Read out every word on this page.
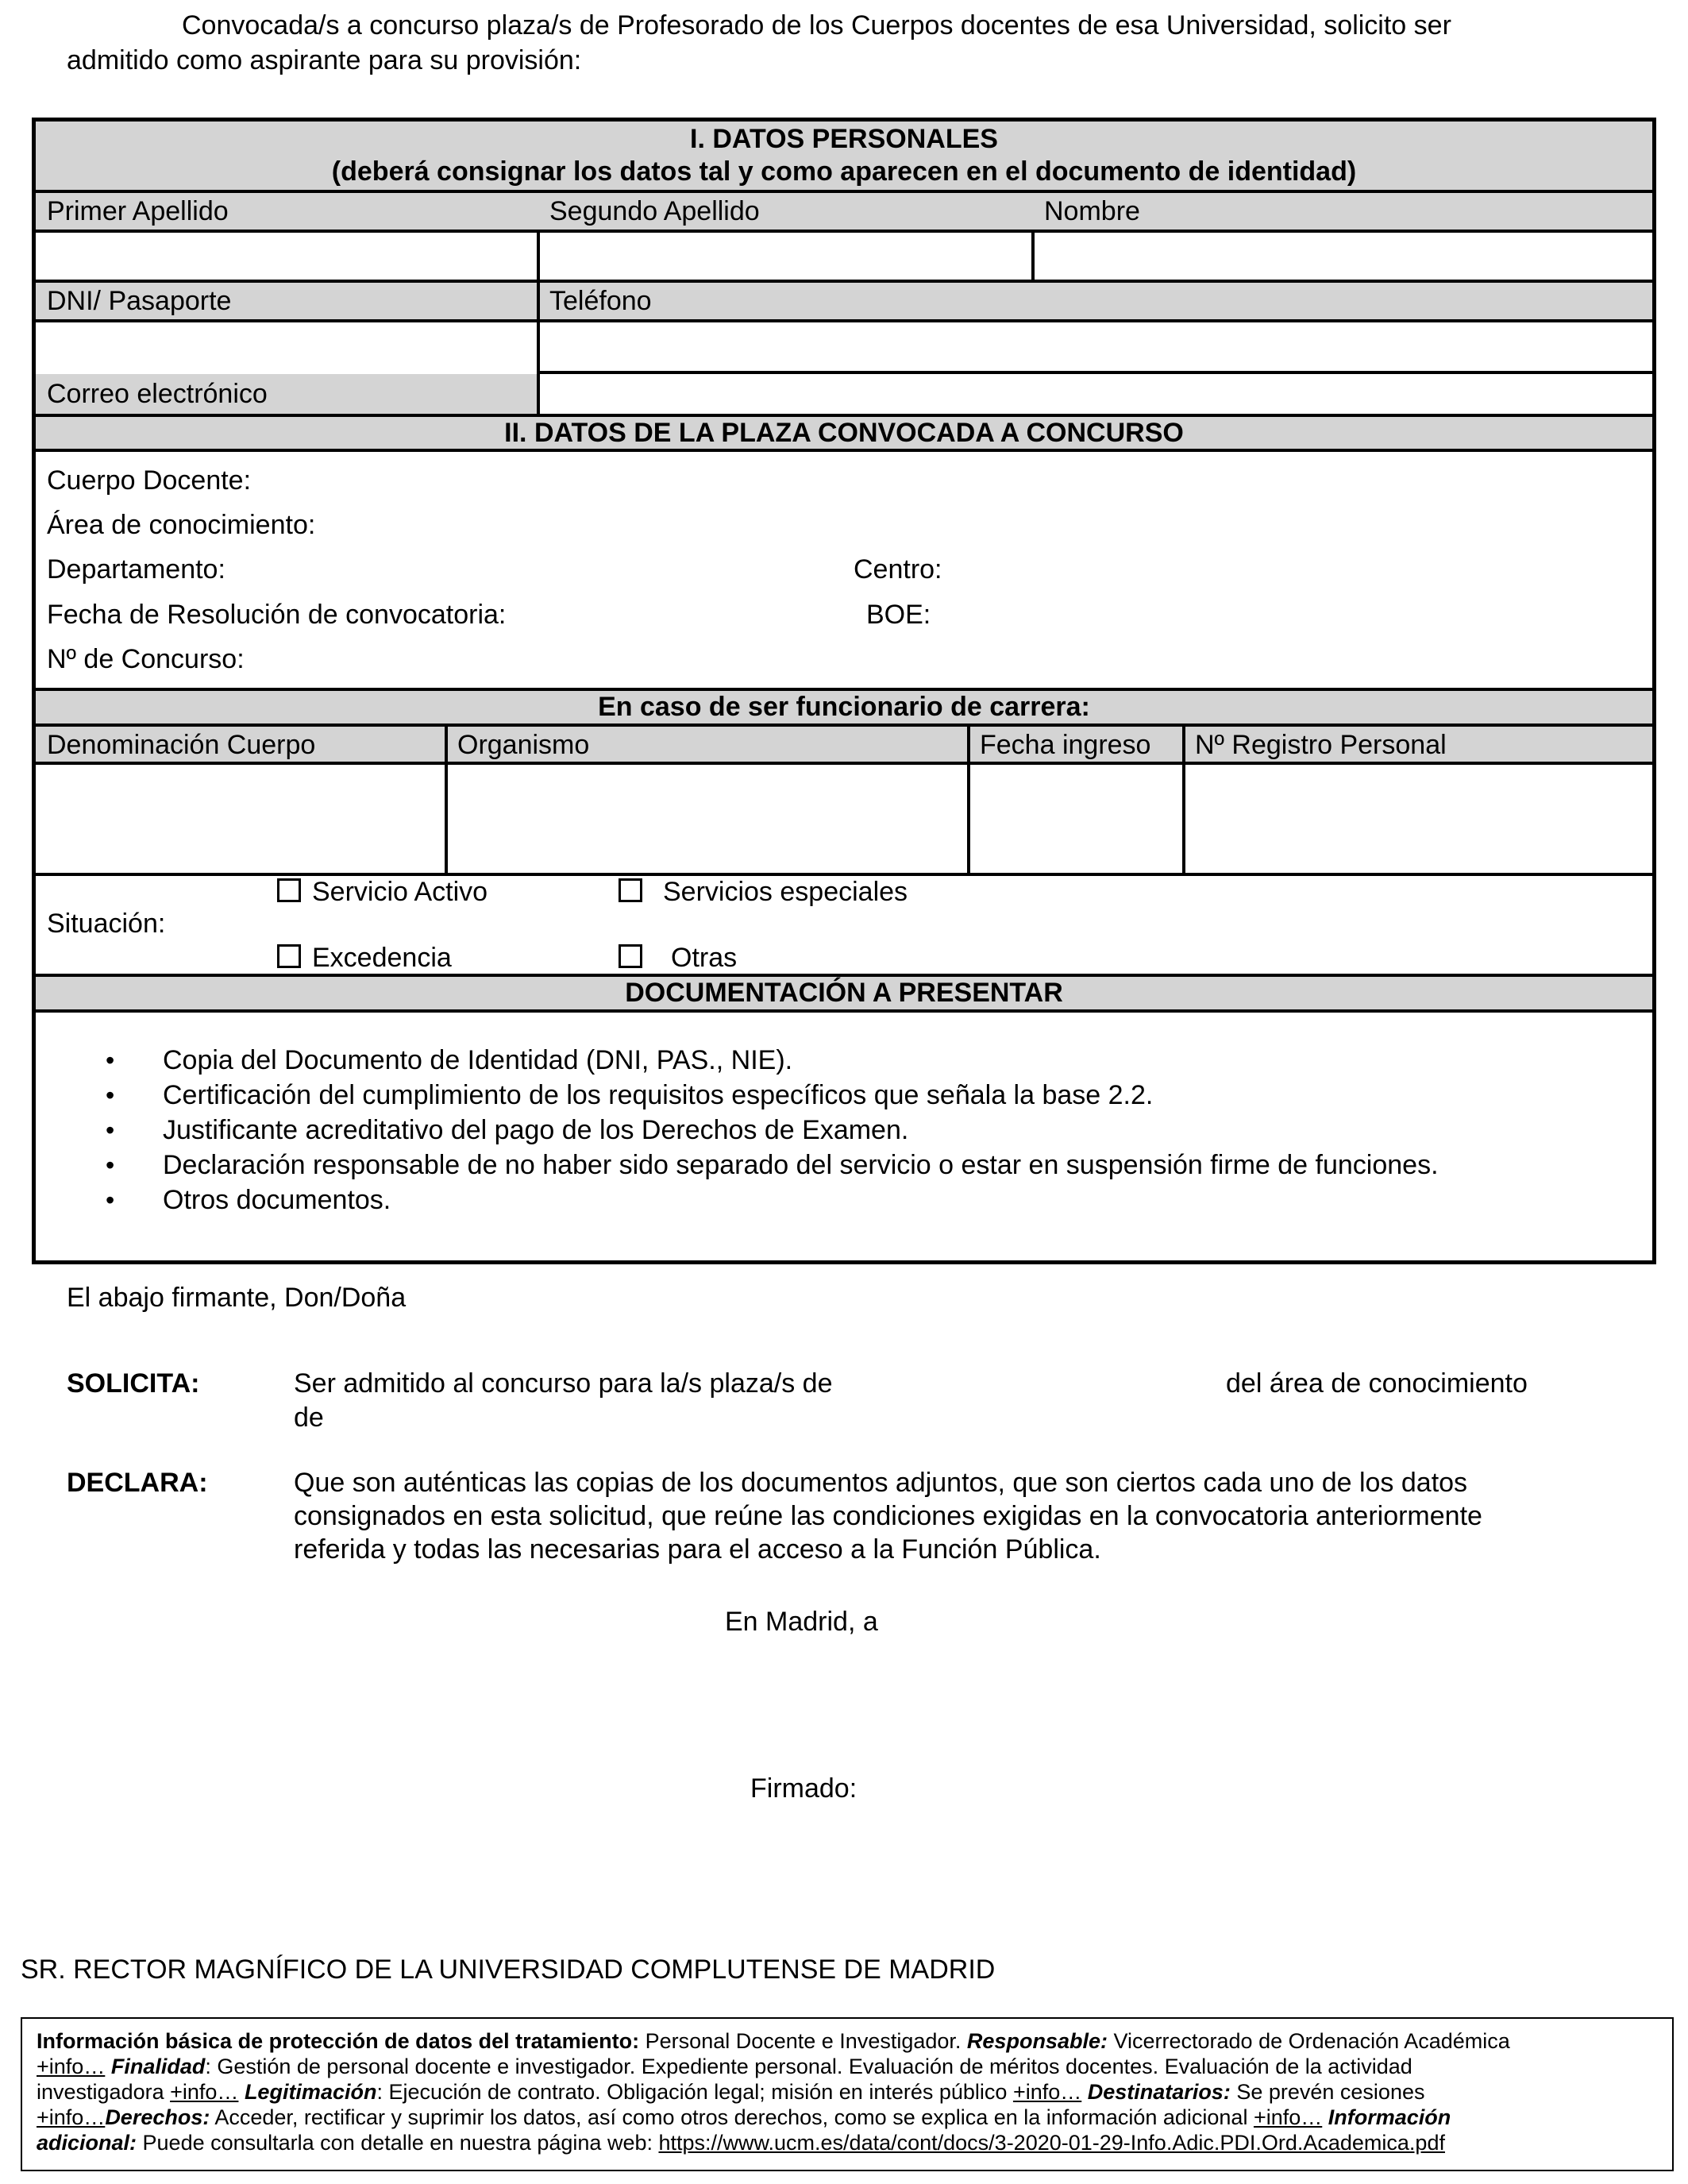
Convocada/s a concurso plaza/s de Profesorado de los Cuerpos docentes de esa Universidad, solicito ser
admitido como aspirante para su provisión:
I. DATOS PERSONALES
(deberá consignar los datos tal y como aparecen en el documento de identidad)
Primer Apellido	Segundo Apellido	Nombre
DNI/ Pasaporte	Teléfono
Correo electrónico
II. DATOS DE LA PLAZA CONVOCADA A CONCURSO
Cuerpo Docente:
Área de conocimiento:
Departamento:	Centro:
Fecha de Resolución de convocatoria:	BOE:
Nº de Concurso:
En caso de ser funcionario de carrera:
Denominación Cuerpo	Organismo	Fecha ingreso Nº Registro Personal
Situación:
Servicio Activo	Servicios especiales
Excedencia	Otras
DOCUMENTACIÓN A PRESENTAR
• Copia del Documento de Identidad (DNI, PAS., NIE).
• Certificación del cumplimiento de los requisitos específicos que señala la base 2.2.
• Justificante acreditativo del pago de los Derechos de Examen.
• Declaración responsable de no haber sido separado del servicio o estar en suspensión firme de funciones.
• Otros documentos.
El abajo firmante, Don/Doña
SOLICITA:	Ser admitido al concurso para la/s plaza/s de	del área de conocimiento
de
DECLARA:	Que son auténticas las copias de los documentos adjuntos, que son ciertos cada uno de los datos
consignados en esta solicitud, que reúne las condiciones exigidas en la convocatoria anteriormente
referida y todas las necesarias para el acceso a la Función Pública.
En Madrid, a
Firmado:
SR. RECTOR MAGNÍFICO DE LA UNIVERSIDAD COMPLUTENSE DE MADRID
Información básica de protección de datos del tratamiento: Personal Docente e Investigador. Responsable: Vicerrectorado de Ordenación Académica
+info… Finalidad: Gestión de personal docente e investigador. Expediente personal. Evaluación de méritos docentes. Evaluación de la actividad
investigadora +info… Legitimación: Ejecución de contrato. Obligación legal; misión en interés público +info… Destinatarios: Se prevén cesiones
+info…Derechos: Acceder, rectificar y suprimir los datos, así como otros derechos, como se explica en la información adicional +info… Información
adicional: Puede consultarla con detalle en nuestra página web: https://www.ucm.es/data/cont/docs/3-2020-01-29-Info.Adic.PDI.Ord.Academica.pdf
